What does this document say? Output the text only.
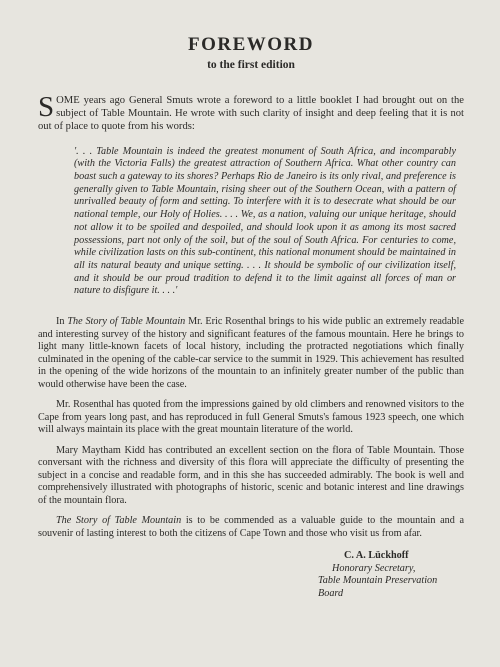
FOREWORD
to the first edition

SOME years ago General Smuts wrote a foreword to a little booklet I had brought out on the subject of Table Mountain. He wrote with such clarity of insight and deep feeling that it is not out of place to quote from his words:

'. . . Table Mountain is indeed the greatest monument of South Africa, and incomparably (with the Victoria Falls) the greatest attraction of Southern Africa. What other country can boast such a gateway to its shores? Perhaps Rio de Janeiro is its only rival, and preference is generally given to Table Mountain, rising sheer out of the Southern Ocean, with a pattern of unrivalled beauty of form and setting. To interfere with it is to desecrate what should be our national temple, our Holy of Holies. . . . We, as a nation, valuing our unique heritage, should not allow it to be spoiled and despoiled, and should look upon it as among its most sacred possessions, part not only of the soil, but of the soul of South Africa. For centuries to come, while civilization lasts on this sub-continent, this national monument should be maintained in all its natural beauty and unique setting. . . . It should be symbolic of our civilization itself, and it should be our proud tradition to defend it to the limit against all forces of man or nature to disfigure it. . . .'

In The Story of Table Mountain Mr. Eric Rosenthal brings to his wide public an extremely readable and interesting survey of the history and significant features of the famous mountain. Here he brings to light many little-known facets of local history, including the protracted negotiations which finally culminated in the opening of the cable-car service to the summit in 1929. This achievement has resulted in the opening of the wide horizons of the mountain to an infinitely greater number of the public than would otherwise have been the case.

Mr. Rosenthal has quoted from the impressions gained by old climbers and renowned visitors to the Cape from years long past, and has reproduced in full General Smuts's famous 1923 speech, one which will always maintain its place with the great mountain literature of the world.

Mary Maytham Kidd has contributed an excellent section on the flora of Table Mountain. Those conversant with the richness and diversity of this flora will appreciate the difficulty of presenting the subject in a concise and readable form, and in this she has succeeded admirably. The book is well and comprehensively illustrated with photographs of historic, scenic and botanic interest and line drawings of the mountain flora.

The Story of Table Mountain is to be commended as a valuable guide to the mountain and a souvenir of lasting interest to both the citizens of Cape Town and those who visit us from afar.

C. A. Lückhoff
Honorary Secretary,
Table Mountain Preservation Board
